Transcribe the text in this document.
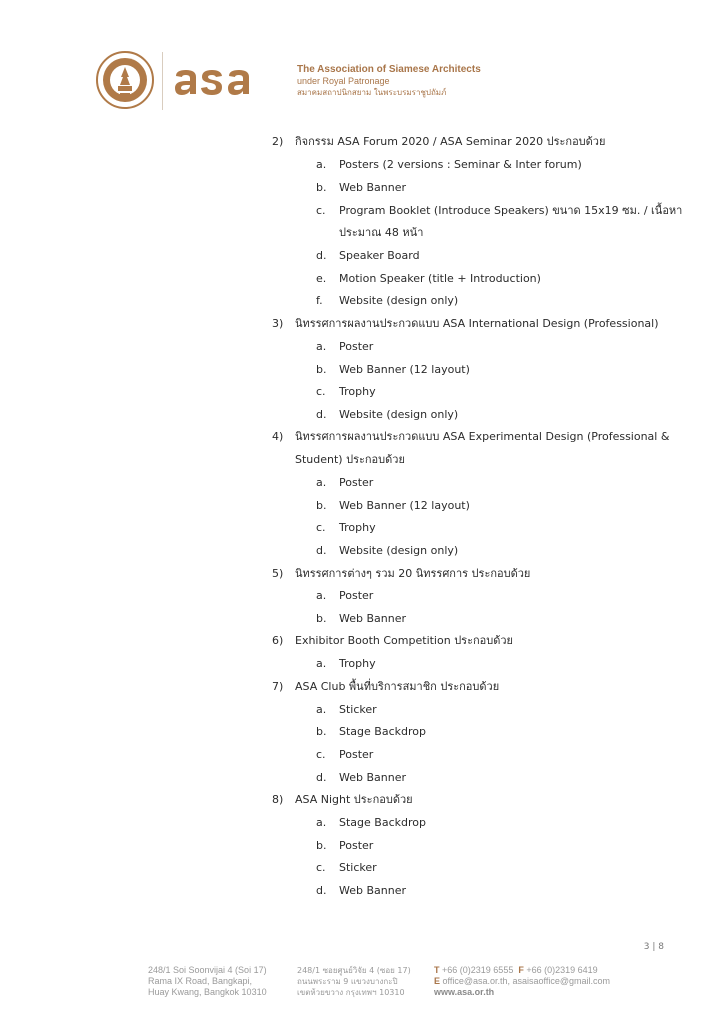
The Association of Siamese Architects
under Royal Patronage
สมาคมสถาปนิกสยาม ในพระบรมราชูปถัมภ์
2) กิจกรรม ASA Forum 2020 / ASA Seminar 2020 ประกอบด้วย
a. Posters (2 versions : Seminar & Inter forum)
b. Web Banner
c. Program Booklet (Introduce Speakers) ขนาด 15x19 ซม. / เนื้อหา
ประมาณ 48 หน้า
d. Speaker Board
e. Motion Speaker (title + Introduction)
f. Website (design only)
3) นิทรรศการผลงานประกวดแบบ ASA International Design (Professional)
a. Poster
b. Web Banner (12 layout)
c. Trophy
d. Website (design only)
4) นิทรรศการผลงานประกวดแบบ ASA Experimental Design (Professional &
Student) ประกอบด้วย
a. Poster
b. Web Banner (12 layout)
c. Trophy
d. Website (design only)
5) นิทรรศการต่างๆ รวม 20 นิทรรศการ ประกอบด้วย
a. Poster
b. Web Banner
6) Exhibitor Booth Competition ประกอบด้วย
a. Trophy
7) ASA Club พื้นที่บริการสมาชิก ประกอบด้วย
a. Sticker
b. Stage Backdrop
c. Poster
d. Web Banner
8) ASA Night ประกอบด้วย
a. Stage Backdrop
b. Poster
c. Sticker
d. Web Banner
3 | 8
248/1 Soi Soonvijai 4 (Soi 17)
Rama IX Road, Bangkapi,
Huay Kwang, Bangkok 10310
248/1 ซอยศูนย์วิจัย 4 (ซอย 17)
ถนนพระราม 9 แขวงบางกะปิ
เขตห้วยขวาง กรุงเทพฯ 10310
T +66 (0)2319 6555 F +66 (0)2319 6419
E office@asa.or.th, asaisaoffice@gmail.com
www.asa.or.th
